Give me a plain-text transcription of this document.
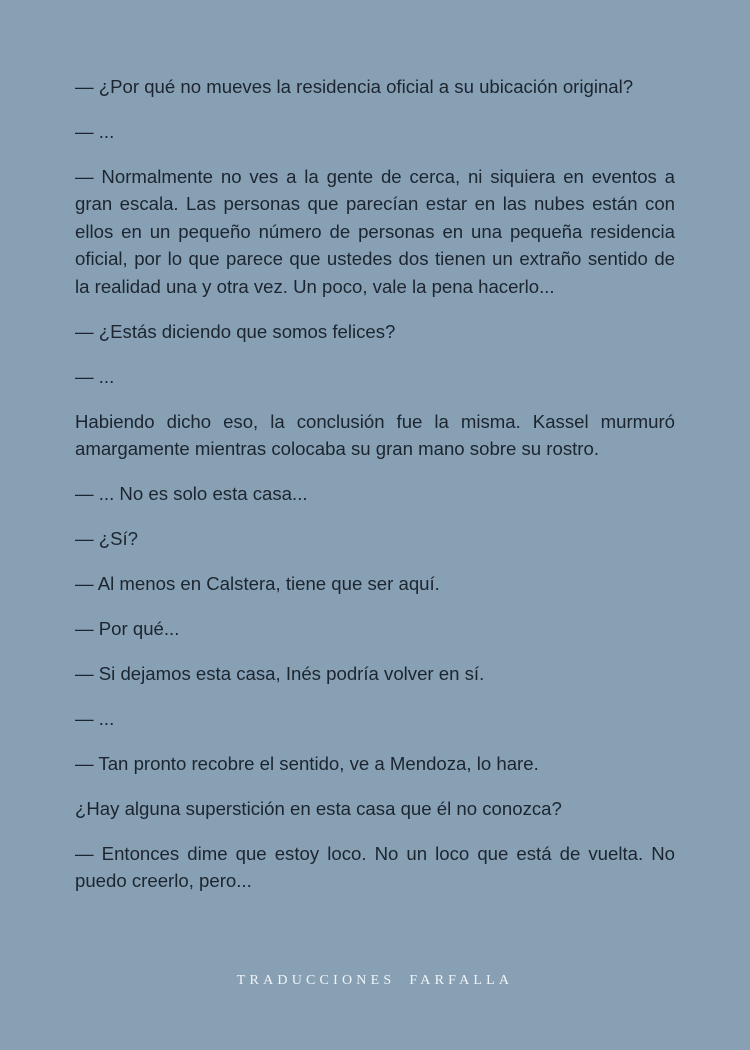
— ¿Por qué no mueves la residencia oficial a su ubicación original?

— ...

— Normalmente no ves a la gente de cerca, ni siquiera en eventos a gran escala. Las personas que parecían estar en las nubes están con ellos en un pequeño número de personas en una pequeña residencia oficial, por lo que parece que ustedes dos tienen un extraño sentido de la realidad una y otra vez. Un poco, vale la pena hacerlo...

— ¿Estás diciendo que somos felices?

— ...

Habiendo dicho eso, la conclusión fue la misma. Kassel murmuró amargamente mientras colocaba su gran mano sobre su rostro.

— ... No es solo esta casa...

— ¿Sí?

— Al menos en Calstera, tiene que ser aquí.

— Por qué...

— Si dejamos esta casa, Inés podría volver en sí.

— ...

— Tan pronto recobre el sentido, ve a Mendoza, lo hare.

¿Hay alguna superstición en esta casa que él no conozca?

— Entonces dime que estoy loco. No un loco que está de vuelta. No puedo creerlo, pero...

TRADUCCIONES FARFALLA
